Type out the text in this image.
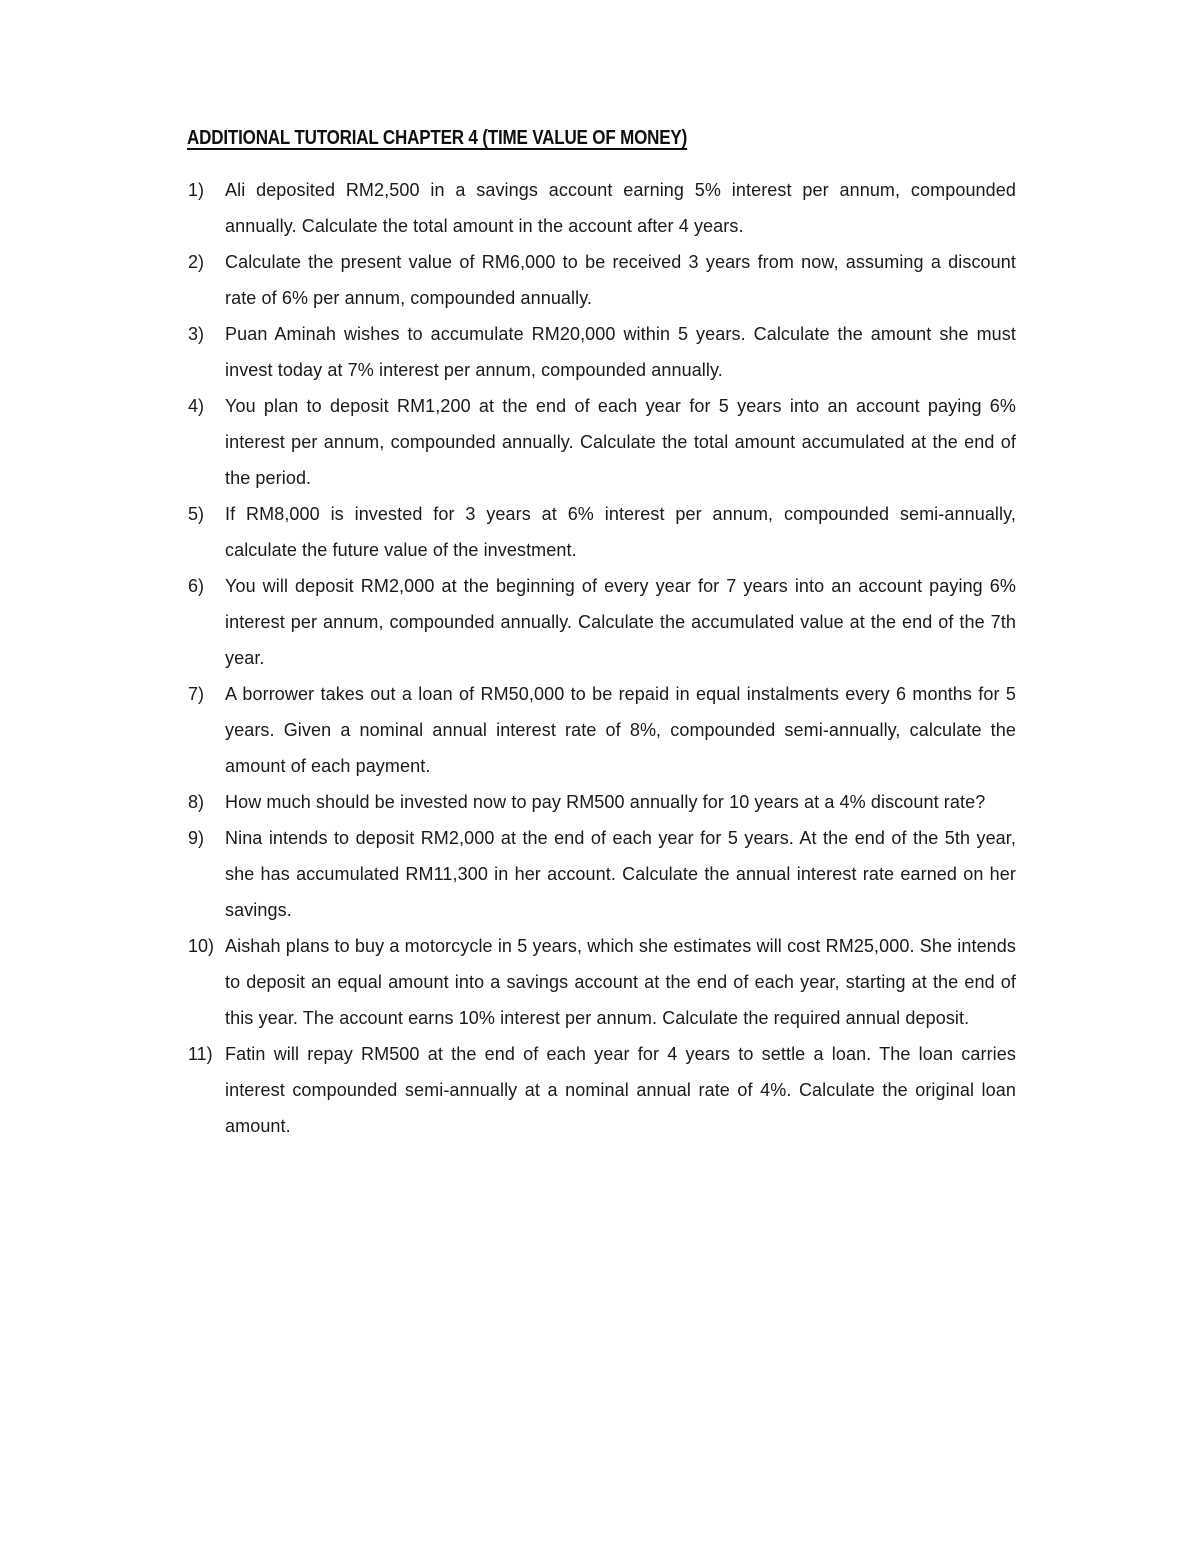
ADDITIONAL TUTORIAL CHAPTER 4 (TIME VALUE OF MONEY)
1) Ali deposited RM2,500 in a savings account earning 5% interest per annum, compounded annually. Calculate the total amount in the account after 4 years.
2) Calculate the present value of RM6,000 to be received 3 years from now, assuming a discount rate of 6% per annum, compounded annually.
3) Puan Aminah wishes to accumulate RM20,000 within 5 years. Calculate the amount she must invest today at 7% interest per annum, compounded annually.
4) You plan to deposit RM1,200 at the end of each year for 5 years into an account paying 6% interest per annum, compounded annually. Calculate the total amount accumulated at the end of the period.
5) If RM8,000 is invested for 3 years at 6% interest per annum, compounded semi-annually, calculate the future value of the investment.
6) You will deposit RM2,000 at the beginning of every year for 7 years into an account paying 6% interest per annum, compounded annually. Calculate the accumulated value at the end of the 7th year.
7) A borrower takes out a loan of RM50,000 to be repaid in equal instalments every 6 months for 5 years. Given a nominal annual interest rate of 8%, compounded semi-annually, calculate the amount of each payment.
8) How much should be invested now to pay RM500 annually for 10 years at a 4% discount rate?
9) Nina intends to deposit RM2,000 at the end of each year for 5 years. At the end of the 5th year, she has accumulated RM11,300 in her account. Calculate the annual interest rate earned on her savings.
10) Aishah plans to buy a motorcycle in 5 years, which she estimates will cost RM25,000. She intends to deposit an equal amount into a savings account at the end of each year, starting at the end of this year. The account earns 10% interest per annum. Calculate the required annual deposit.
11) Fatin will repay RM500 at the end of each year for 4 years to settle a loan. The loan carries interest compounded semi-annually at a nominal annual rate of 4%. Calculate the original loan amount.
